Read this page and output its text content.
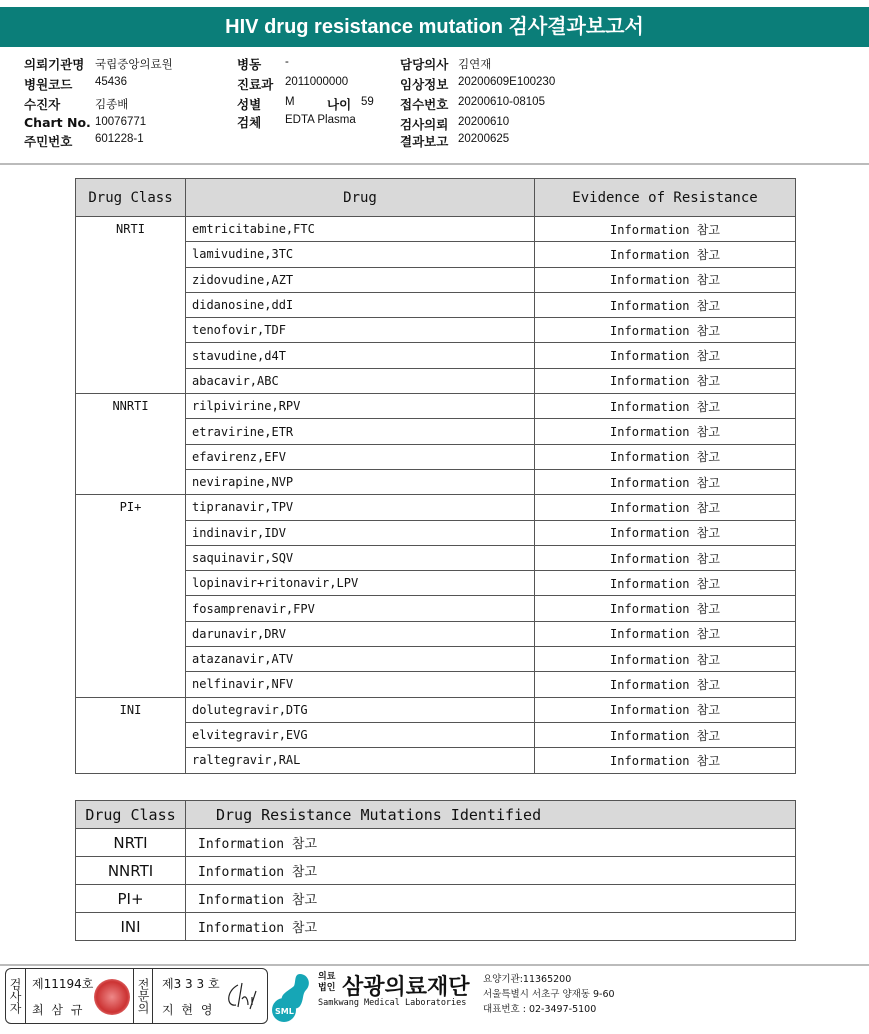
HIV drug resistance mutation 검사결과보고서
의뢰기관명 국립중앙의료원
병원코드 45436
수진자	김종배
Chart No. 10076771
주민번호 601228-1
병동 -
진료과 2011000000
성별 M
검체 EDTA Plasma
나이 59
담당의사 김연재
임상정보 20200609E100230
접수번호 20200610-08105
검사의뢰 20200610
결과보고 20200625
Drug Class	Drug	Evidence of Resistance
NRTI	emtricitabine,FTC	Information 참고
	lamivudine,3TC	Information 참고
	zidovudine,AZT	Information 참고
	didanosine,ddI	Information 참고
	tenofovir,TDF	Information 참고
	stavudine,d4T	Information 참고
	abacavir,ABC	Information 참고
NNRTI	rilpivirine,RPV	Information 참고
	etravirine,ETR	Information 참고
	efavirenz,EFV	Information 참고
	nevirapine,NVP	Information 참고
PI+	tipranavir,TPV	Information 참고
	indinavir,IDV	Information 참고
	saquinavir,SQV	Information 참고
	lopinavir+ritonavir,LPV	Information 참고
	fosamprenavir,FPV	Information 참고
	darunavir,DRV	Information 참고
	atazanavir,ATV	Information 참고
	nelfinavir,NFV	Information 참고
INI	dolutegravir,DTG	Information 참고
	elvitegravir,EVG	Information 참고
	raltegravir,RAL	Information 참고
Drug Class	Drug Resistance Mutations Identified
NRTI	Information 참고
NNRTI	Information 참고
PI+	Information 참고
INI	Information 참고
검사자 제11194호
최 삼 규	전문의 제3 3 3 호
지 현 영	SML
의료법인 삼광의료재단
Samkwang Medical Laboratories
요양기관:11365200
서울특별시 서초구 양재동 9-60
대표번호 : 02-3497-5100
